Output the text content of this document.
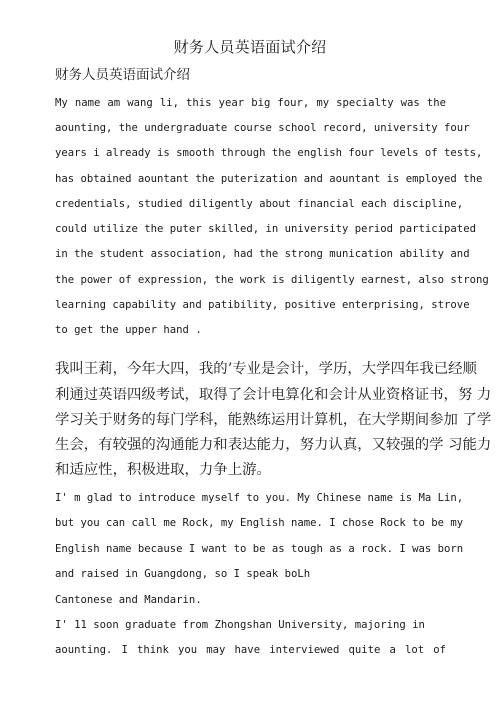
财务人员英语面试介绍
财务人员英语面试介绍

My name am wang li, this year big four, my specialty was the

aounting, the undergraduate course school record, university four

years i already is smooth through the english four levels of tests,

has obtained aountant the puterization and aountant is employed the

credentials, studied diligently about financial each discipline,

could utilize the puter skilled, in university period participated

in the student association, had the strong munication ability and

the power of expression, the work is diligently earnest, also strong

learning capability and patibility, positive enterprising, strove

to get the upper hand .

我叫王莉，今年大四，我的’专业是会计，学历，大学四年我已经顺

利通过英语四级考试，取得了会计电算化和会计从业资格证书，努 力

学习关于财务的每门学科，能熟练运用计算机，在大学期间参加 了学

生会，有较强的沟通能力和表达能力，努力认真，又较强的学 习能力

和适应性，积极进取，力争上游。

I' m glad to introduce myself to you. My Chinese name is Ma Lin,

but you can call me Rock, my English name. I chose Rock to be my

English name because I want to be as tough as a rock. I was born

and raised in Guangdong, so I speak boLh

Cantonese and Mandarin.

I' 11 soon graduate from Zhongshan University, majoring in

aounting. I think you may have interviewed quite a lot of
